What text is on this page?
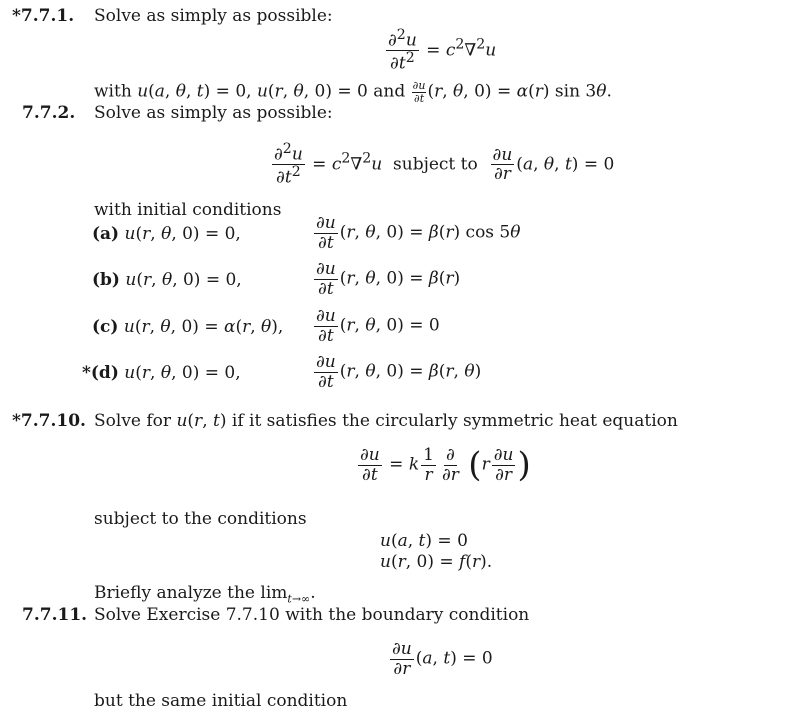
*7.7.1. Solve as simply as possible:
$\frac{\partial^2u}{\partial t^2} = c^2\nabla^2u$
with u(a, θ, t) = 0, u(r, θ, 0) = 0 and $\frac{\partial u}{\partial t} (r$, θ, 0) = α(r) sin 3θ.
7.7.2. Solve as simply as possible:
$\frac{\partial^2u}{\partial t^2} = c^2\nabla^2u$  subject to $\frac{\partial u}{\partial r} (a$, θ, t) = 0
with initial conditions
(a) u(r, θ, 0) = 0,	$\frac{\partial u}{\partial t} (r$, θ, 0) = β(r) cos 5θ
(b) u(r, θ, 0) = 0,	$\frac{\partial u}{\partial t} (r$, θ, 0) = β(r)
(c) u(r, θ, 0) = α(r, θ), $\frac{\partial u}{\partial t} (r$, θ, 0) = 0
*(d) u(r, θ, 0) = 0,	$\frac{\partial u}{\partial t} (r$, θ, 0) = β(r, θ)
*7.7.10. Solve for u(r, t) if it satisfies the circularly symmetric heat equation
$\frac{\partial u}{\partial t} = k \frac{1}{r} \frac{\partial}{\partial r} (r \frac{\partial u}{\partial r}$ )
subject to the conditions
u(a, t) = 0
u(r, 0) = f(r).
Briefly analyze the $\lim_{t\to\infty}$.
7.7.11. Solve Exercise 7.7.10 with the boundary condition
$\frac{\partial u}{\partial r} (a$, t) = 0
but the same initial condition
